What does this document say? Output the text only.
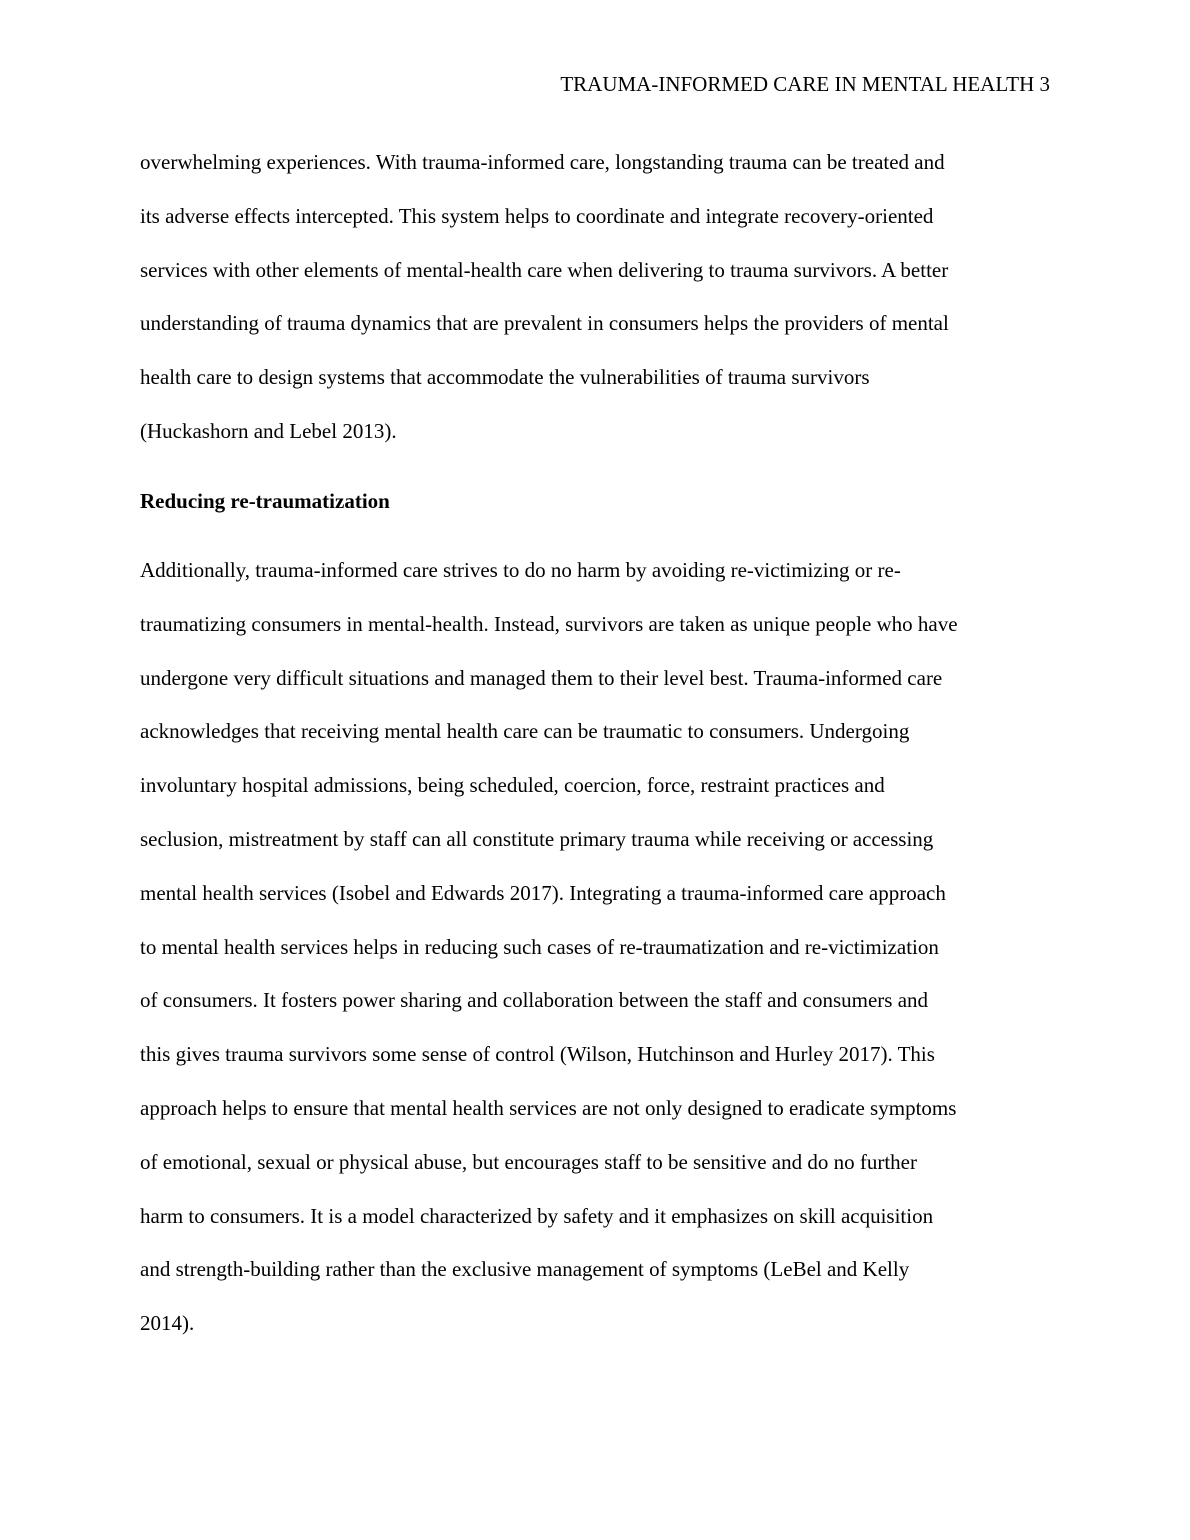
TRAUMA-INFORMED CARE IN MENTAL HEALTH 3

overwhelming experiences. With trauma-informed care, longstanding trauma can be treated and
its adverse effects intercepted. This system helps to coordinate and integrate recovery-oriented
services with other elements of mental-health care when delivering to trauma survivors. A better
understanding of trauma dynamics that are prevalent in consumers helps the providers of mental
health care to design systems that accommodate the vulnerabilities of trauma survivors
(Huckashorn and Lebel 2013).

Reducing re-traumatization

Additionally, trauma-informed care strives to do no harm by avoiding re-victimizing or re-
traumatizing consumers in mental-health. Instead, survivors are taken as unique people who have
undergone very difficult situations and managed them to their level best. Trauma-informed care
acknowledges that receiving mental health care can be traumatic to consumers. Undergoing
involuntary hospital admissions, being scheduled, coercion, force, restraint practices and
seclusion, mistreatment by staff can all constitute primary trauma while receiving or accessing
mental health services (Isobel and Edwards 2017). Integrating a trauma-informed care approach
to mental health services helps in reducing such cases of re-traumatization and re-victimization
of consumers. It fosters power sharing and collaboration between the staff and consumers and
this gives trauma survivors some sense of control (Wilson, Hutchinson and Hurley 2017). This
approach helps to ensure that mental health services are not only designed to eradicate symptoms
of emotional, sexual or physical abuse, but encourages staff to be sensitive and do no further
harm to consumers. It is a model characterized by safety and it emphasizes on skill acquisition
and strength-building rather than the exclusive management of symptoms (LeBel and Kelly
2014).
